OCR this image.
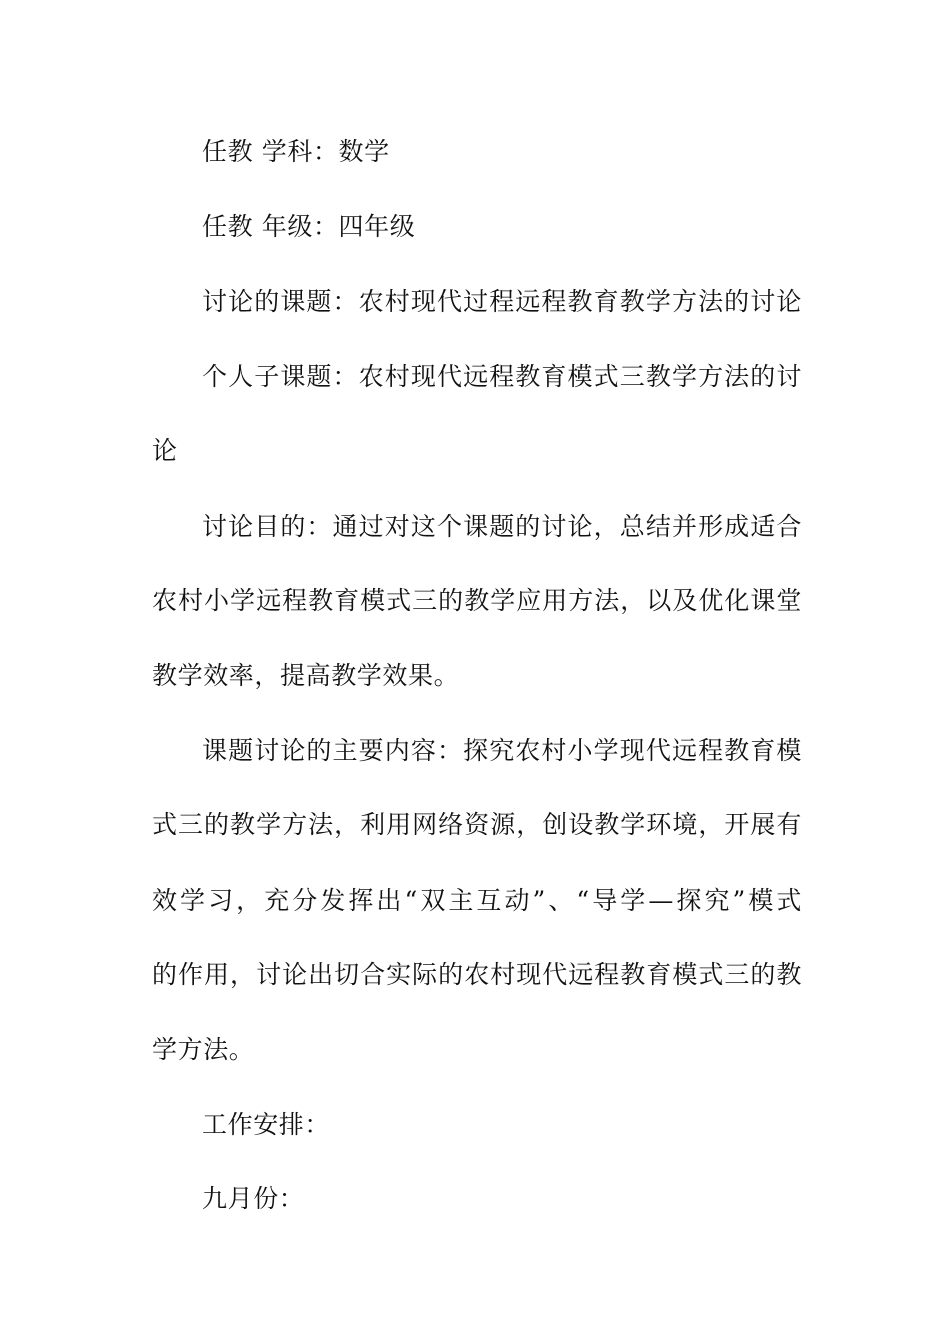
任教 学科：数学
任教 年级：四年级
讨论的课题：农村现代过程远程教育教学方法的讨论
个人子课题：农村现代远程教育模式三教学方法的讨
论
讨论目的：通过对这个课题的讨论，总结并形成适合
农村小学远程教育模式三的教学应用方法，以及优化课堂
教学效率，提高教学效果。
课题讨论的主要内容：探究农村小学现代远程教育模
式三的教学方法，利用网络资源，创设教学环境，开展有
效学习，充分发挥出“双主互动”、“导学—探究”模式
的作用，讨论出切合实际的农村现代远程教育模式三的教
学方法。
工作安排：
九月份：
